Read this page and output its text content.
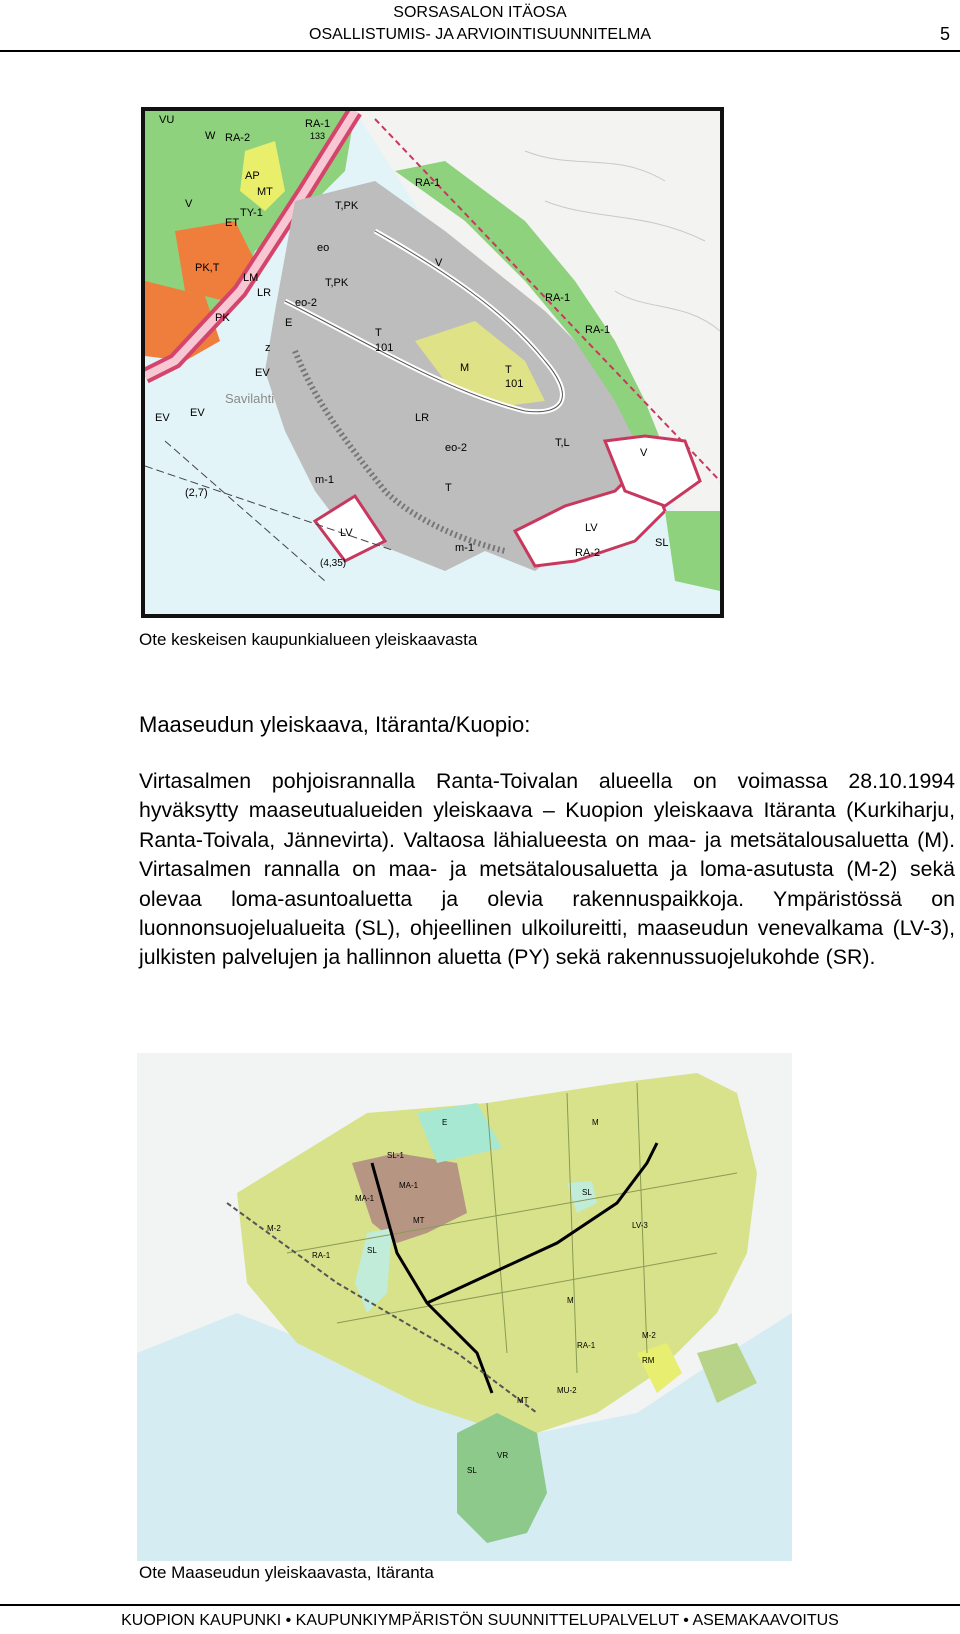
SORSASALON ITÄOSA
OSALLISTUMIS- JA ARVIOINTISUUNNITELMA	5
VU
W RA-2
RA-1
133
RA-1
RA-1
RA-1
V
AP
MT
ET
TY-1
T,PK
T,PK
PK,T
PK
LM
LR
LR
eo
eo-2
eo-2
E
T
101
T
101
M
T,L
T
LV	LV
V
V
RA-2
SL
m-1
m-1
EV
EV EV
z
Savilahti
(2,7)
(4,35)
Ote keskeisen kaupunkialueen yleiskaavasta
Maaseudun yleiskaava, Itäranta/Kuopio:

Virtasalmen pohjoisrannalla Ranta-Toivalan alueella on voimassa 28.10.1994 hyväksytty maaseutualueiden yleiskaava – Kuopion yleiskaava Itäranta (Kurkiharju, Ranta-Toivala, Jännevirta). Valtaosa lähialueesta on maa- ja metsätalousaluetta (M). Virtasalmen rannalla on maa- ja metsätalousaluetta ja loma-asutusta (M-2) sekä olevaa loma-asuntoaluetta ja olevia rakennuspaikkoja. Ympäristössä on luonnonsuojelualueita (SL), ohjeellinen ulkoilureitti, maaseudun venevalkama (LV-3), julkisten palvelujen ja hallinnon aluetta (PY) sekä rakennussuojelukohde (SR).

E
SL-1
MA-1
MA-1
M-2
M-2
RA-1
RA-1
SL
SL
SL
MT
MT
M
M
LV-3
VR
MU-2
RM
Ote Maaseudun yleiskaavasta, Itäranta
KUOPION KAUPUNKI • KAUPUNKIYMPÄRISTÖN SUUNNITTELUPALVELUT • ASEMAKAAVOITUS
